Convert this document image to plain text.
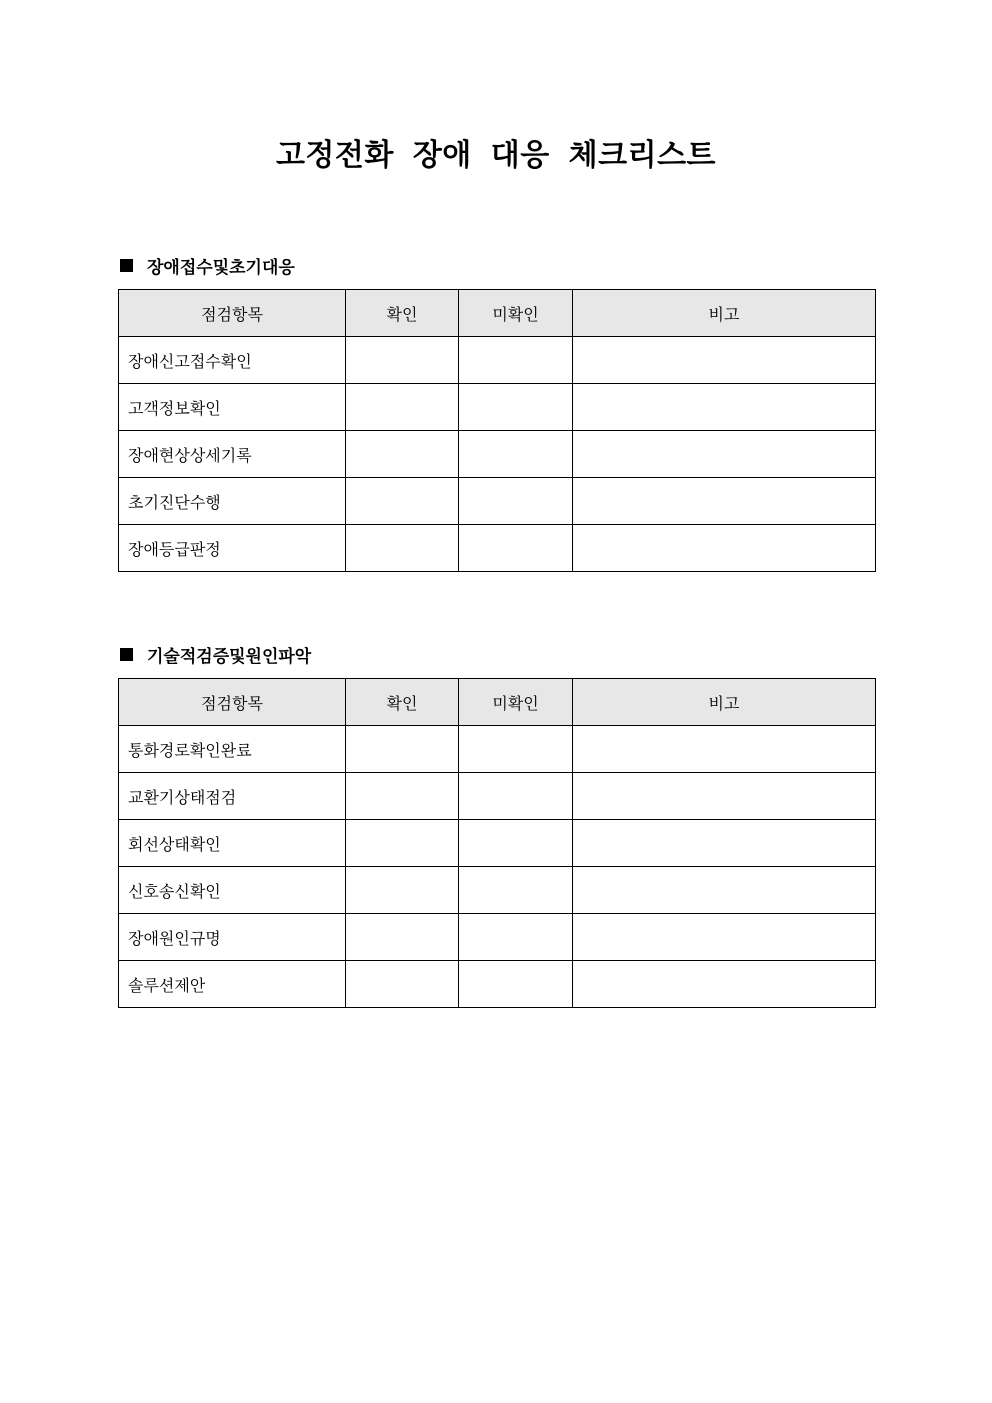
고정전화 장애 대응 체크리스트
장애접수및초기대응
점검항목	확인	미확인	비고
장애신고접수확인			
고객정보확인			
장애현상상세기록			
초기진단수행			
장애등급판정			
기술적검증및원인파악
점검항목	확인	미확인	비고
통화경로확인완료			
교환기상태점검			
회선상태확인			
신호송신확인			
장애원인규명			
솔루션제안			
